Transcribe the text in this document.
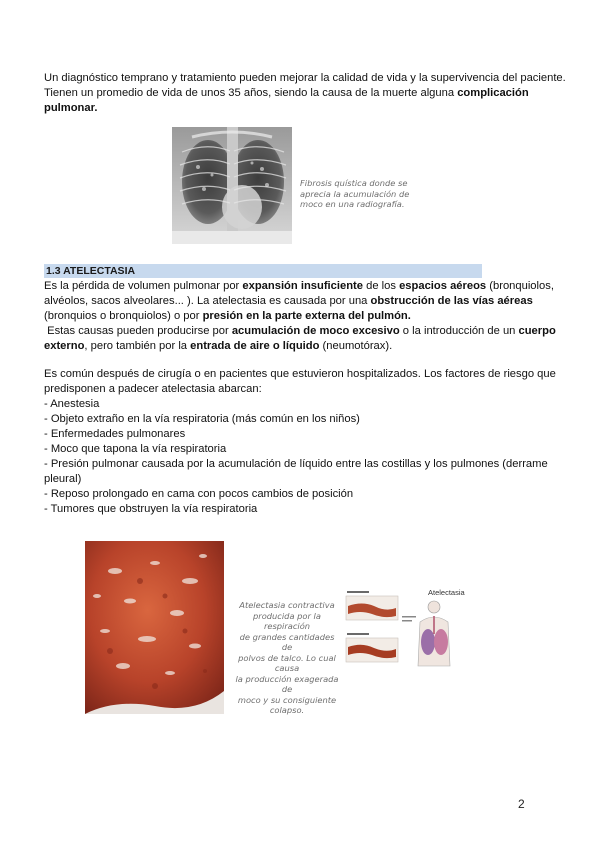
Un diagnóstico temprano y tratamiento pueden mejorar la calidad de vida y la supervivencia del paciente.
Tienen un promedio de vida de unos 35 años, siendo la causa de la muerte alguna complicación
pulmonar.
Fibrosis quística donde se
aprecia la acumulación de
moco en una radiografía.
1.3 ATELECTASIA
Es la pérdida de volumen pulmonar por expansión insuficiente de los espacios aéreos (bronquiolos,
alvéolos, sacos alveolares... ). La atelectasia es causada por una obstrucción de las vías aéreas
(bronquios o bronquiolos) o por presión en la parte externa del pulmón.
Estas causas pueden producirse por acumulación de moco excesivo o la introducción de un cuerpo
externo, pero también por la entrada de aire o líquido (neumotórax).
Es común después de cirugía o en pacientes que estuvieron hospitalizados. Los factores de riesgo que
predisponen a padecer atelectasia abarcan:
- Anestesia
- Objeto extraño en la vía respiratoria (más común en los niños)
- Enfermedades pulmonares
- Moco que tapona la vía respiratoria
- Presión pulmonar causada por la acumulación de líquido entre las costillas y los pulmones (derrame
pleural)
- Reposo prolongado en cama con pocos cambios de posición
- Tumores que obstruyen la vía respiratoria
Atelectasia contractiva
producida por la respiración
de grandes cantidades de
polvos de talco. Lo cual causa
la producción exagerada de
moco y su consiguiente
colapso.
Atelectasia
2
